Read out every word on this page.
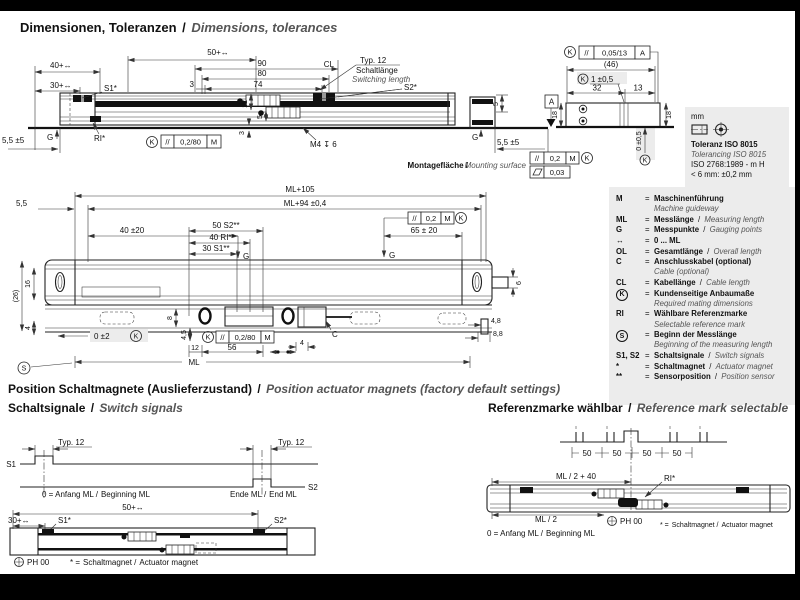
Dimensionen, Toleranzen / Dimensions, tolerances
50+↔
90	CL
80
3	74
Typ. 12
Schaltlänge
Switching length
S2*
40+↔
30+↔	S1*
G
5,5 ±5	RI*	K // 0,2/80 M
12
5
3
M4 ↧ 6
5
G
5,5 ±5
Montagefläche /
Mounting surface
// 0,2 M K
0,03
K // 0,05/13 A
(46)
K 1 ±0,5
32	13
A
18	18
0 ±0,5
K
mm
Toleranz ISO 8015
Tolerancing ISO 8015
ISO 2768:1989 - m H
< 6 mm: ±0,2 mm
M	= Maschinenführung
Machine guideway
ML	= Messlänge / Measuring length
G	= Messpunkte / Gauging points
↔	= 0 ... ML
OL	= Gesamtlänge / Overall length
C	= Anschlusskabel (optional)
Cable (optional)
CL	= Kabellänge / Cable length
K	= Kundenseitige Anbaumaße
Required mating dimensions
RI	= Wählbare Referenzmarke
Selectable reference mark
S	= Beginn der Messlänge
Beginning of the measuring length
S1, S2 = Schaltsignale / Switch signals
*	= Schaltmagnet / Actuator magnet
**	= Sensorposition / Position sensor
ML+105
ML+94 ±0,4
5,5
// 0,2 M K
G
65 ± 20
40 ±20
G
50 S2**
40 RI**
30 S1**
16
(26)
4
0 ±2	K	K // 0,2/80 M
8
4,5	C
4
12	56
ML
S
6
4,8
8,8
Position Schaltmagnete (Auslieferzustand) / Position actuator magnets (factory default settings)
Schaltsignale / Switch signals	Referenzmarke wählbar / Reference mark selectable
Typ. 12
S1
Typ. 12
S2
0 = Anfang ML / Beginning ML	Ende ML / End ML
50+↔
30+↔	S1*	S2*
PH 00	* = Schaltmagnet / Actuator magnet
50	50	50	50
ML / 2 + 40	RI*
ML / 2	PH 00
0 = Anfang ML / Beginning ML
* = Schaltmagnet / Actuator magnet
